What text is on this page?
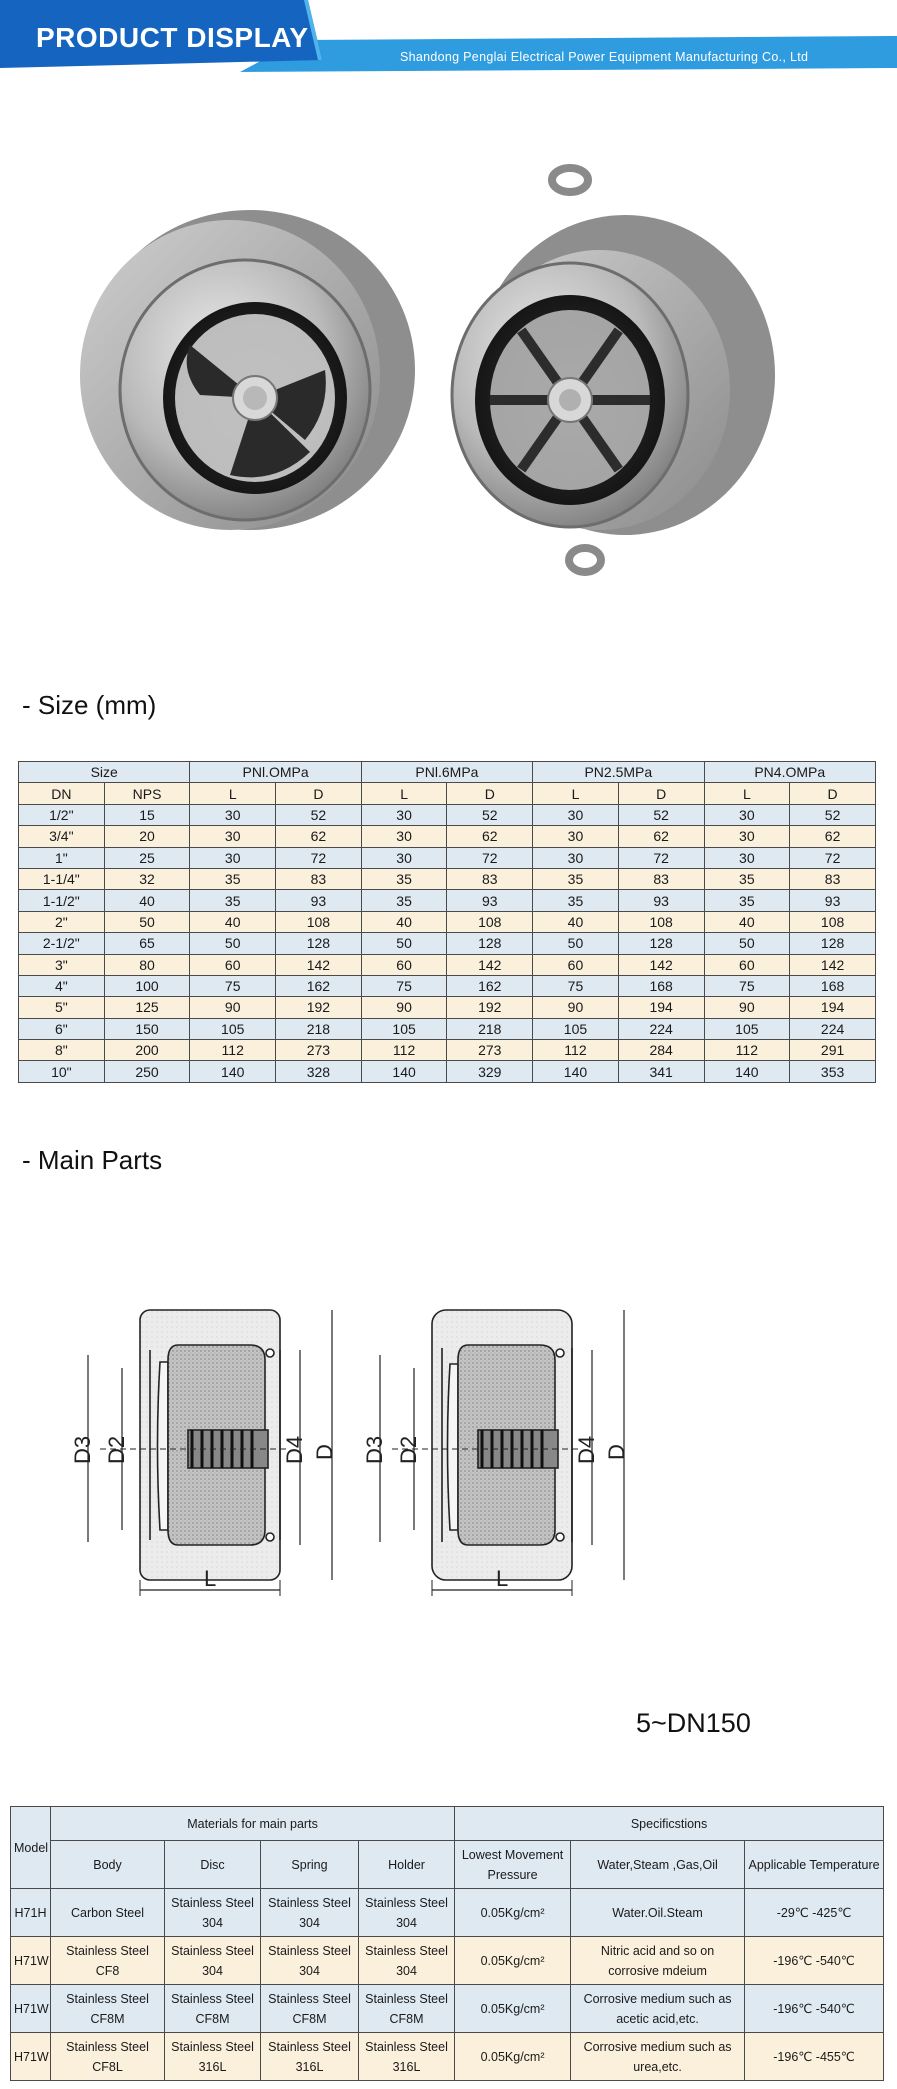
PRODUCT DISPLAY
Shandong Penglai Electrical Power Equipment Manufacturing Co., Ltd
- Size (mm)
Size		PNl.OMPa		PNl.6MPa		PN2.5MPa		PN4.OMPa	
DN	NPS	L	D	L	D	L	D	L	D
1/2"	15	30	52	30	52	30	52	30	52
3/4"	20	30	62	30	62	30	62	30	62
1"	25	30	72	30	72	30	72	30	72
1-1/4"	32	35	83	35	83	35	83	35	83
1-1/2"	40	35	93	35	93	35	93	35	93
2"	50	40	108	40	108	40	108	40	108
2-1/2"	65	50	128	50	128	50	128	50	128
3"	80	60	142	60	142	60	142	60	142
4"	100	75	162	75	162	75	168	75	168
5"	125	90	192	90	192	90	194	90	194
6"	150	105	218	105	218	105	224	105	224
8"	200	112	273	112	273	112	284	112	291
10"	250	140	328	140	329	140	341	140	353
- Main Parts
D3 D2	D4 D
L
D3 D2	D4 D
L
5~DN150
Model	Materials for main parts				Specificstions		
	Body	Disc	Spring	Holder	Lowest Movement Pressure	Water,Steam ,Gas,Oil	Applicable Temperature
H71H	Carbon Steel	Stainless Steel 304	Stainless Steel 304	Stainless Steel 304	0.05Kg/cm²	Water.Oil.Steam	-29℃ -425℃
H71W	Stainless Steel CF8	Stainless Steel 304	Stainless Steel 304	Stainless Steel 304	0.05Kg/cm²	Nitric acid and so on corrosive mdeium	-196℃ -540℃
H71W	Stainless Steel CF8M	Stainless Steel CF8M	Stainless Steel CF8M	Stainless Steel CF8M	0.05Kg/cm²	Corrosive medium such as acetic acid,etc.	-196℃ -540℃
H71W	Stainless Steel CF8L	Stainless Steel 316L	Stainless Steel 316L	Stainless Steel 316L	0.05Kg/cm²	Corrosive medium such as urea,etc.	-196℃ -455℃
